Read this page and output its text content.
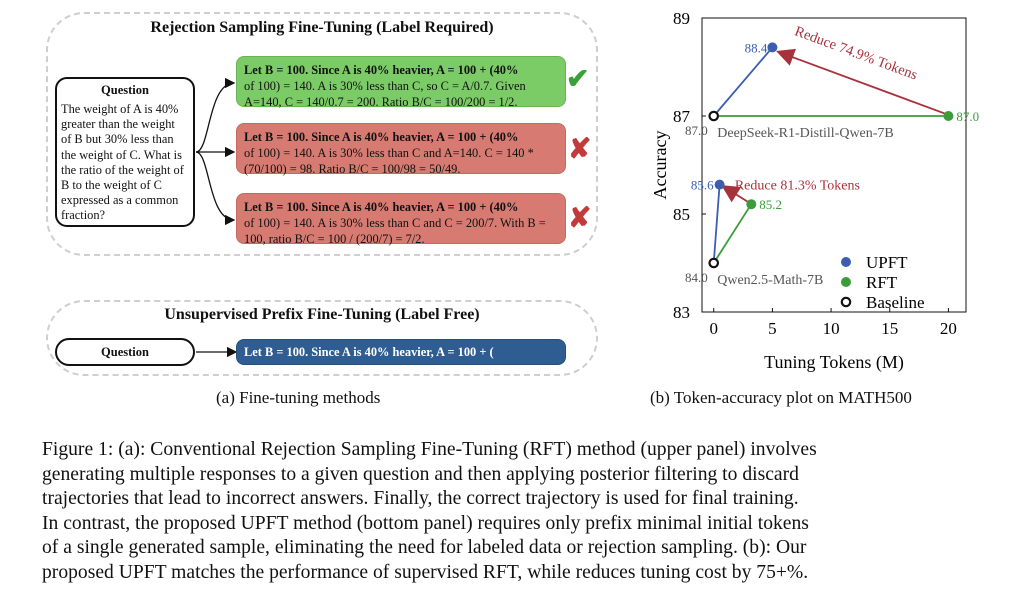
Rejection Sampling Fine-Tuning (Label Required)
Question
The weight of A is 40%
greater than the weight
of B but 30% less than
the weight of C. What is
the ratio of the weight of
B to the weight of C
expressed as a common
fraction?
Let B = 100. Since A is 40% heavier, A = 100 + (40%
of 100) = 140. A is 30% less than C, so C = A/0.7. Given
A=140, C = 140/0.7 = 200. Ratio B/C = 100/200 = 1/2.
✔
Let B = 100. Since A is 40% heavier, A = 100 + (40%
of 100) = 140. A is 30% less than C and A=140. C = 140 *
(70/100) = 98. Ratio B/C = 100/98 = 50/49.
✘
Let B = 100. Since A is 40% heavier, A = 100 + (40%
of 100) = 140. A is 30% less than C and C = 200/7. With B =
100, ratio B/C = 100 / (200/7) = 7/2.
✘
Unsupervised Prefix Fine-Tuning (Label Free)
Question	Let B = 100. Since A is 40% heavier, A = 100 + (
(a) Fine-tuning methods
0	5	10 15 20
83
85
87
89
Tuning Tokens (M)
Accuracy
Reduce 74.9% Tokens
Reduce 81.3% Tokens
88.4
85.6
85.2
87.0
87.0
84.0
DeepSeek-R1-Distill-Qwen-7B
Qwen2.5-Math-7B
UPFT
RFT
Baseline
(b) Token-accuracy plot on MATH500
Figure 1: (a): Conventional Rejection Sampling Fine-Tuning (RFT) method (upper panel) involves
generating multiple responses to a given question and then applying posterior filtering to discard
trajectories that lead to incorrect answers. Finally, the correct trajectory is used for final training.
In contrast, the proposed UPFT method (bottom panel) requires only prefix minimal initial tokens
of a single generated sample, eliminating the need for labeled data or rejection sampling. (b): Our
proposed UPFT matches the performance of supervised RFT, while reduces tuning cost by 75+%.
